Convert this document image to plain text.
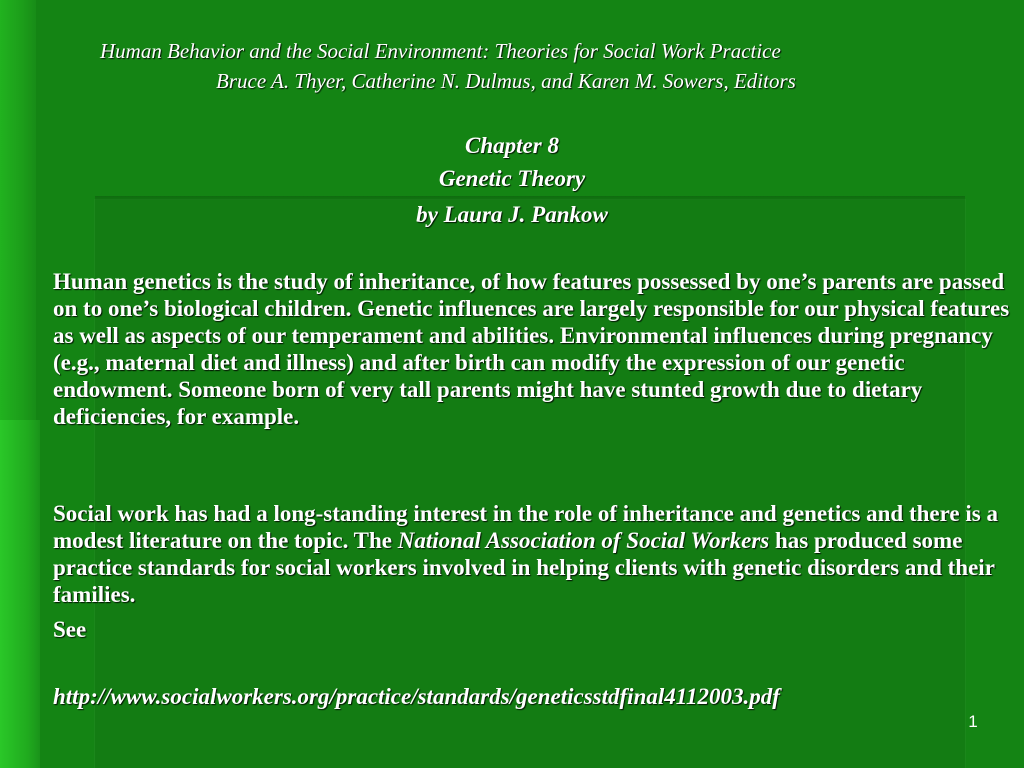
Human Behavior and the Social Environment: Theories for Social Work Practice
Bruce A. Thyer, Catherine N. Dulmus, and Karen M. Sowers, Editors
Chapter 8
Genetic Theory
by Laura J. Pankow
Human genetics is the study of inheritance, of how features possessed by one’s parents are passed on to one’s biological children. Genetic influences are largely responsible for our physical features as well as aspects of our temperament and abilities. Environmental influences during pregnancy (e.g., maternal diet and illness) and after birth can modify the expression of our genetic endowment. Someone born of very tall parents might have stunted growth due to dietary deficiencies, for example.
Social work has had a long-standing interest in the role of inheritance and genetics and there is a modest literature on the topic. The National Association of Social Workers has produced some practice standards for social workers involved in helping clients with genetic disorders and their families.
See
http://www.socialworkers.org/practice/standards/geneticsstdfinal4112003.pdf
1
